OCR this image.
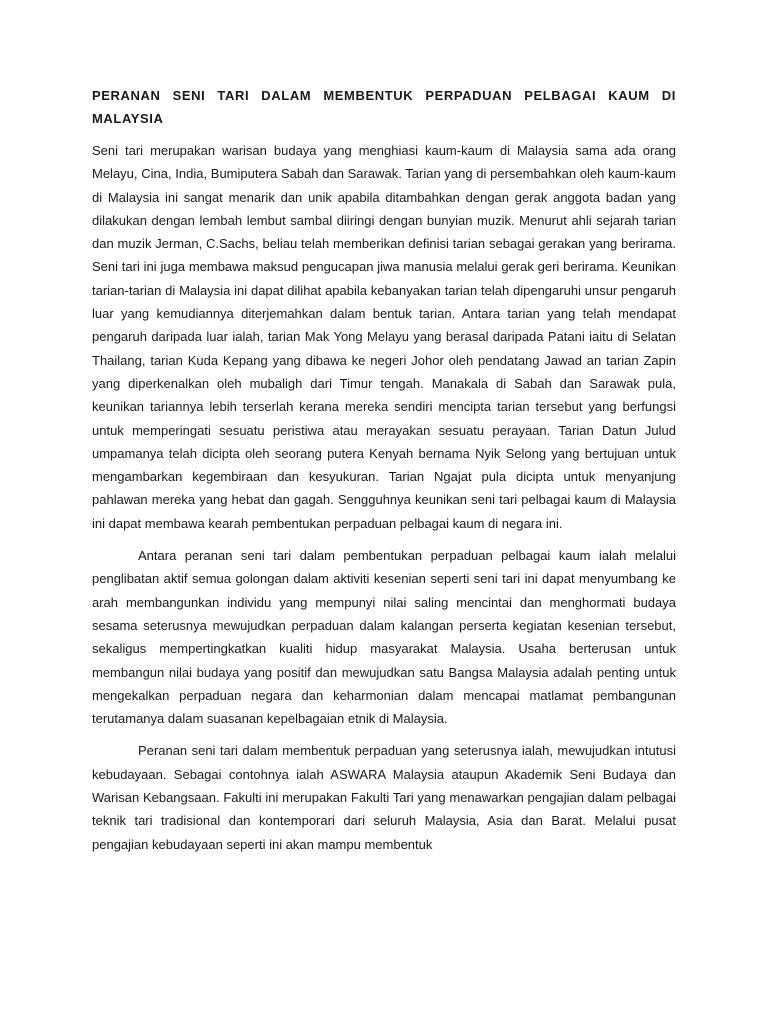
PERANAN SENI TARI DALAM MEMBENTUK PERPADUAN PELBAGAI KAUM DI MALAYSIA

Seni tari merupakan warisan budaya yang menghiasi kaum-kaum di Malaysia sama ada orang Melayu, Cina, India, Bumiputera Sabah dan Sarawak. Tarian yang di persembahkan oleh kaum-kaum di Malaysia ini sangat menarik dan unik apabila ditambahkan dengan gerak anggota badan yang dilakukan dengan lembah lembut sambal diiringi dengan bunyian muzik. Menurut ahli sejarah tarian dan muzik Jerman, C.Sachs, beliau telah memberikan definisi tarian sebagai gerakan yang berirama. Seni tari ini juga membawa maksud pengucapan jiwa manusia melalui gerak geri berirama. Keunikan tarian-tarian di Malaysia ini dapat dilihat apabila kebanyakan tarian telah dipengaruhi unsur pengaruh luar yang kemudiannya diterjemahkan dalam bentuk tarian. Antara tarian yang telah mendapat pengaruh daripada luar ialah, tarian Mak Yong Melayu yang berasal daripada Patani iaitu di Selatan Thailang, tarian Kuda Kepang yang dibawa ke negeri Johor oleh pendatang Jawad an tarian Zapin yang diperkenalkan oleh mubaligh dari Timur tengah. Manakala di Sabah dan Sarawak pula, keunikan tariannya lebih terserlah kerana mereka sendiri mencipta tarian tersebut yang berfungsi untuk memperingati sesuatu peristiwa atau merayakan sesuatu perayaan. Tarian Datun Julud umpamanya telah dicipta oleh seorang putera Kenyah bernama Nyik Selong yang bertujuan untuk mengambarkan kegembiraan dan kesyukuran. Tarian Ngajat pula dicipta untuk menyanjung pahlawan mereka yang hebat dan gagah. Sengguhnya keunikan seni tari pelbagai kaum di Malaysia ini dapat membawa kearah pembentukan perpaduan pelbagai kaum di negara ini.

Antara peranan seni tari dalam pembentukan perpaduan pelbagai kaum ialah melalui penglibatan aktif semua golongan dalam aktiviti kesenian seperti seni tari ini dapat menyumbang ke arah membangunkan individu yang mempunyi nilai saling mencintai dan menghormati budaya sesama seterusnya mewujudkan perpaduan dalam kalangan perserta kegiatan kesenian tersebut, sekaligus mempertingkatkan kualiti hidup masyarakat Malaysia. Usaha berterusan untuk membangun nilai budaya yang positif dan mewujudkan satu Bangsa Malaysia adalah penting untuk mengekalkan perpaduan negara dan keharmonian dalam mencapai matlamat pembangunan terutamanya dalam suasanan kepelbagaian etnik di Malaysia.

Peranan seni tari dalam membentuk perpaduan yang seterusnya ialah, mewujudkan intutusi kebudayaan. Sebagai contohnya ialah ASWARA Malaysia ataupun Akademik Seni Budaya dan Warisan Kebangsaan. Fakulti ini merupakan Fakulti Tari yang menawarkan pengajian dalam pelbagai teknik tari tradisional dan kontemporari dari seluruh Malaysia, Asia dan Barat. Melalui pusat pengajian kebudayaan seperti ini akan mampu membentuk
